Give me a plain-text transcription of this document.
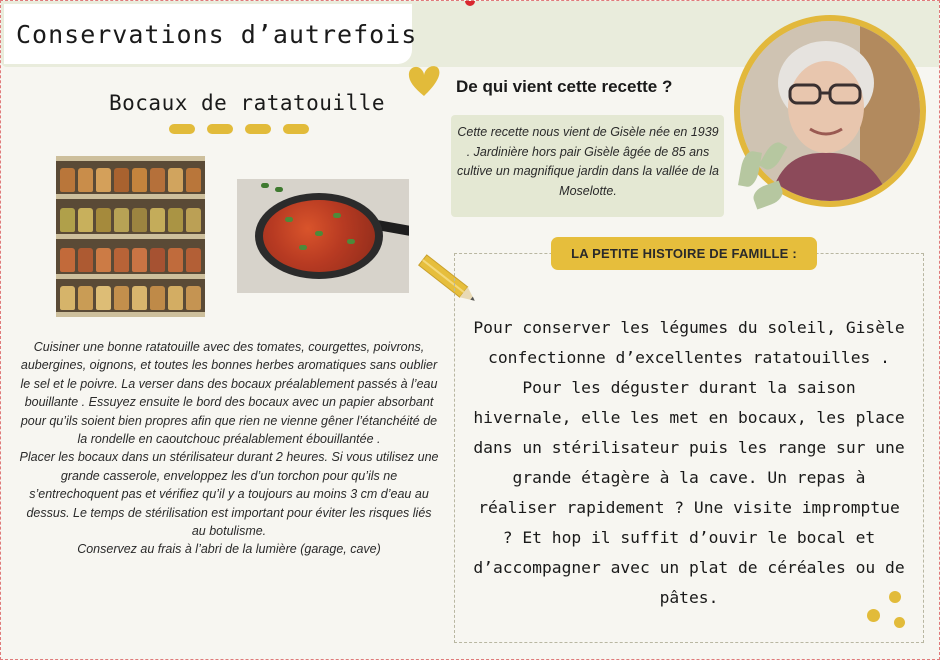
Conservations d’autrefois
Bocaux de ratatouille

Cuisiner une bonne ratatouille avec des tomates, courgettes, poivrons, aubergines, oignons, et toutes les bonnes herbes aromatiques sans oublier le sel et le poivre. La verser dans des bocaux préalablement passés à l’eau bouillante . Essuyez ensuite le bord des bocaux avec un papier absorbant pour qu’ils soient bien propres afin que rien ne vienne gêner l’étanchéité de la rondelle en caoutchouc préalablement ébouillantée .

Placer les bocaux dans un stérilisateur durant 2 heures. Si vous utilisez une grande casserole, enveloppez les d’un torchon pour qu’ils ne s’entrechoquent pas et vérifiez qu’il y a toujours au moins 3 cm d’eau au dessus. Le temps de stérilisation est important pour éviter les risques liés au botulisme.

Conservez au frais à l’abri de la lumière (garage, cave)

De qui vient cette recette ?
Cette recette nous vient de Gisèle née en 1939 . Jardinière hors pair Gisèle âgée de 85 ans cultive un magnifique jardin dans la vallée de la Moselotte.
LA PETITE HISTOIRE DE FAMILLE :
Pour conserver les légumes du soleil, Gisèle confectionne d’excellentes ratatouilles . Pour les déguster durant la saison hivernale, elle les met en bocaux, les place dans un stérilisateur puis les range sur une grande étagère à la cave. Un repas à réaliser rapidement ? Une visite impromptue ? Et hop il suffit d’ouvir le bocal et d’accompagner avec un plat de céréales ou de pâtes.
